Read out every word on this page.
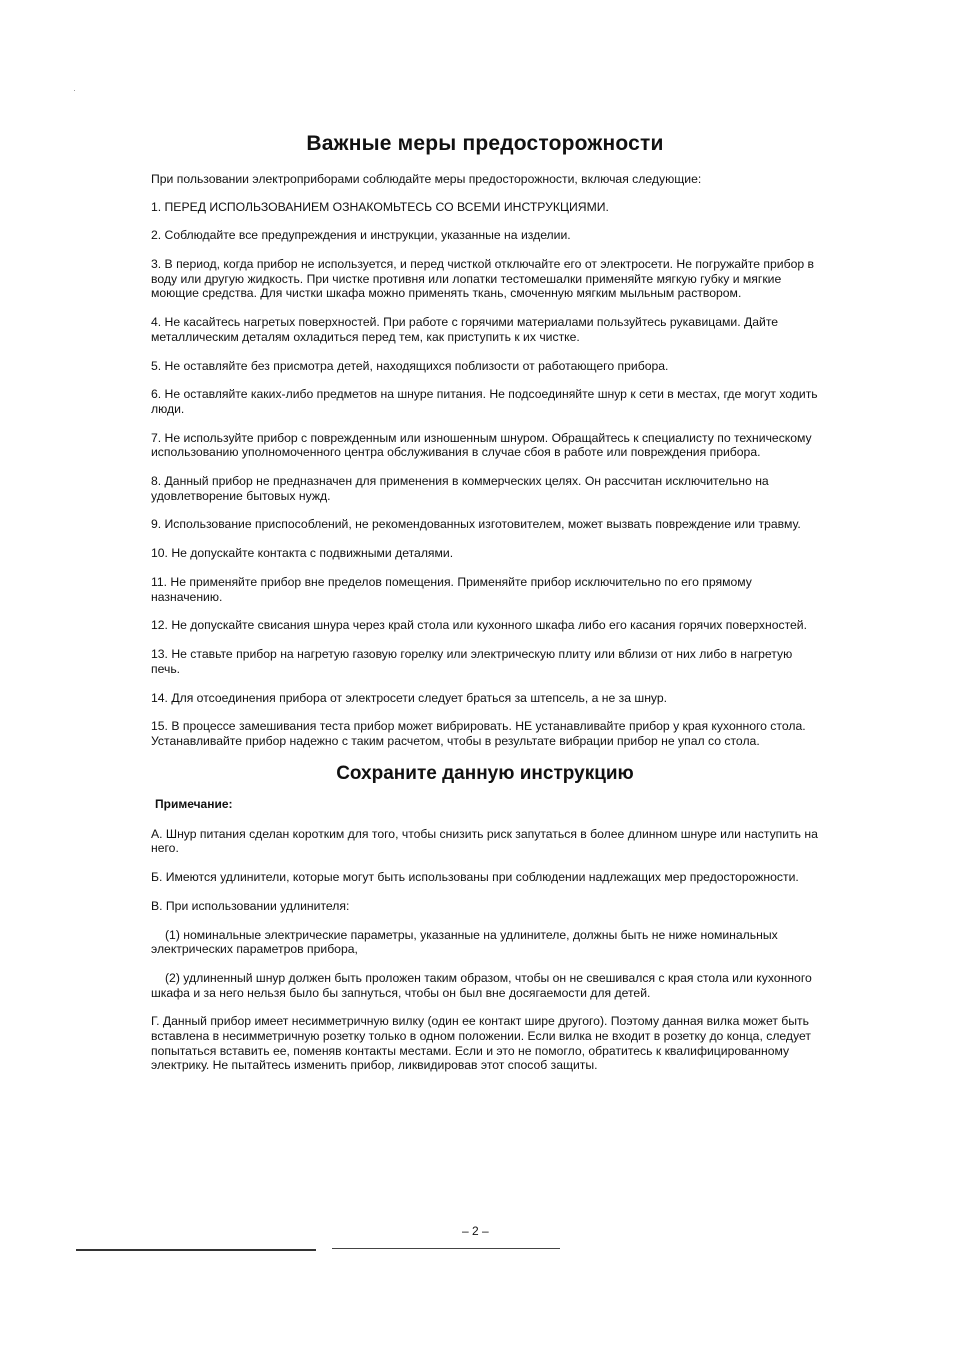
Важные меры предосторожности

При пользовании электроприборами соблюдайте меры предосторожности, включая следующие:

1. ПЕРЕД ИСПОЛЬЗОВАНИЕМ ОЗНАКОМЬТЕСЬ СО ВСЕМИ ИНСТРУКЦИЯМИ.

2. Соблюдайте все предупреждения и инструкции, указанные на изделии.

3. В период, когда прибор не используется, и перед чисткой отключайте его от электросети. Не погружайте прибор в воду или другую жидкость. При чистке противня или лопатки тестомешалки применяйте мягкую губку и мягкие моющие средства. Для чистки шкафа можно применять ткань, смоченную мягким мыльным раствором.

4. Не касайтесь нагретых поверхностей. При работе с горячими материалами пользуйтесь рукавицами. Дайте металлическим деталям охладиться перед тем, как приступить к их чистке.

5. Не оставляйте без присмотра детей, находящихся поблизости от работающего прибора.

6. Не оставляйте каких-либо предметов на шнуре питания. Не подсоединяйте шнур к сети в местах, где могут ходить люди.

7. Не используйте прибор с поврежденным или изношенным шнуром. Обращайтесь к специалисту по техническому использованию уполномоченного центра обслуживания в случае сбоя в работе или повреждения прибора.

8. Данный прибор не предназначен для применения в коммерческих целях. Он рассчитан исключительно на удовлетворение бытовых нужд.

9. Использование приспособлений, не рекомендованных изготовителем, может вызвать повреждение или травму.

10. Не допускайте контакта с подвижными деталями.

11. Не применяйте прибор вне пределов помещения. Применяйте прибор исключительно по его прямому назначению.

12. Не допускайте свисания шнура через край стола или кухонного шкафа либо его касания горячих поверхностей.

13. Не ставьте прибор на нагретую газовую горелку или электрическую плиту или вблизи от них либо в нагретую печь.

14. Для отсоединения прибора от электросети следует браться за штепсель, а не за шнур.

15. В процессе замешивания теста прибор может вибрировать. НЕ устанавливайте прибор у края кухонного стола. Устанавливайте прибор надежно с таким расчетом, чтобы в результате вибрации прибор не упал со стола.

Сохраните данную инструкцию

Примечание:

А. Шнур питания сделан коротким для того, чтобы снизить риск запутаться в более длинном шнуре или наступить на него.

Б. Имеются удлинители, которые могут быть использованы при соблюдении надлежащих мер предосторожности.

В. При использовании удлинителя:

(1) номинальные электрические параметры, указанные на удлинителе, должны быть не ниже номинальных электрических параметров прибора,

(2) удлиненный шнур должен быть проложен таким образом, чтобы он не свешивался с края стола или кухонного шкафа и за него нельзя было бы запнуться, чтобы он был вне досягаемости для детей.

Г. Данный прибор имеет несимметричную вилку (один ее контакт шире другого). Поэтому данная вилка может быть вставлена в несимметричную розетку только в одном положении. Если вилка не входит в розетку до конца, следует попытаться вставить ее, поменяв контакты местами. Если и это не помогло, обратитесь к квалифицированному электрику. Не пытайтесь изменить прибор, ликвидировав этот способ защиты.

– 2 –
